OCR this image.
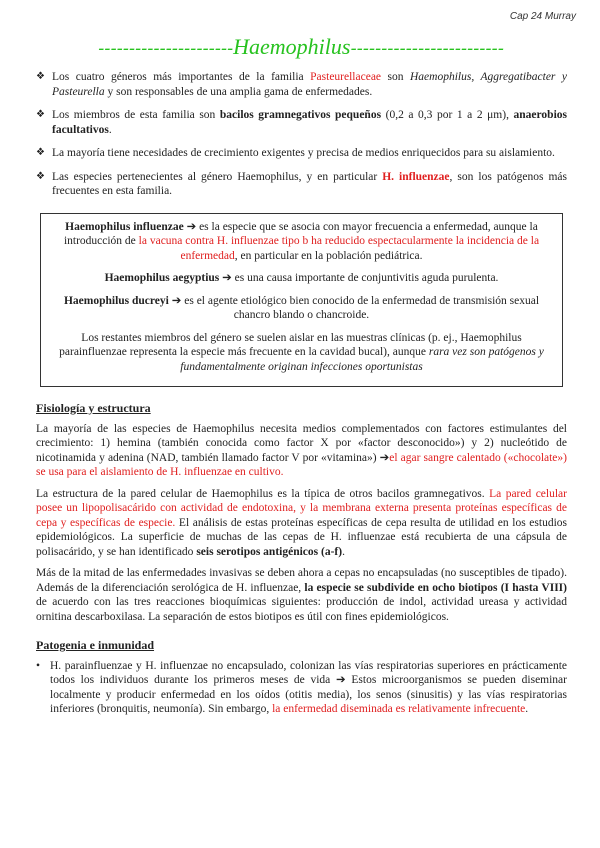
Cap 24 Murray
----------------------Haemophilus-------------------------
❖ Los cuatro géneros más importantes de la familia Pasteurellaceae son Haemophilus, Aggregatibacter y Pasteurella y son responsables de una amplia gama de enfermedades.
❖ Los miembros de esta familia son bacilos gramnegativos pequeños (0,2 a 0,3 por 1 a 2 μm), anaerobios facultativos.
❖ La mayoría tiene necesidades de crecimiento exigentes y precisa de medios enriquecidos para su aislamiento.
❖ Las especies pertenecientes al género Haemophilus, y en particular H. influenzae, son los patógenos más frecuentes en esta familia.

Haemophilus influenzae ➔ es la especie que se asocia con mayor frecuencia a enfermedad, aunque la introducción de la vacuna contra H. influenzae tipo b ha reducido espectacularmente la incidencia de la enfermedad, en particular en la población pediátrica.

Haemophilus aegyptius ➔ es una causa importante de conjuntivitis aguda purulenta.

Haemophilus ducreyi ➔ es el agente etiológico bien conocido de la enfermedad de transmisión sexual chancro blando o chancroide.

Los restantes miembros del género se suelen aislar en las muestras clínicas (p. ej., Haemophilus parainfluenzae representa la especie más frecuente en la cavidad bucal), aunque rara vez son patógenos y fundamentalmente originan infecciones oportunistas

Fisiología y estructura

La mayoría de las especies de Haemophilus necesita medios complementados con factores estimulantes del crecimiento: 1) hemina (también conocida como factor X por «factor desconocido») y 2) nucleótido de nicotinamida y adenina (NAD, también llamado factor V por «vitamina») ➔el agar sangre calentado («chocolate») se usa para el aislamiento de H. influenzae en cultivo.

La estructura de la pared celular de Haemophilus es la típica de otros bacilos gramnegativos. La pared celular posee un lipopolisacárido con actividad de endotoxina, y la membrana externa presenta proteínas específicas de cepa y específicas de especie. El análisis de estas proteínas específicas de cepa resulta de utilidad en los estudios epidemiológicos. La superficie de muchas de las cepas de H. influenzae está recubierta de una cápsula de polisacárido, y se han identificado seis serotipos antigénicos (a-f).

Más de la mitad de las enfermedades invasivas se deben ahora a cepas no encapsuladas (no susceptibles de tipado). Además de la diferenciación serológica de H. influenzae, la especie se subdivide en ocho biotipos (I hasta VIII) de acuerdo con las tres reacciones bioquímicas siguientes: producción de indol, actividad ureasa y actividad ornitina descarboxilasa. La separación de estos biotipos es útil con fines epidemiológicos.

Patogenia e inmunidad
• H. parainfluenzae y H. influenzae no encapsulado, colonizan las vías respiratorias superiores en prácticamente todos los individuos durante los primeros meses de vida ➔ Estos microorganismos se pueden diseminar localmente y producir enfermedad en los oídos (otitis media), los senos (sinusitis) y las vías respiratorias inferiores (bronquitis, neumonía). Sin embargo, la enfermedad diseminada es relativamente infrecuente.
